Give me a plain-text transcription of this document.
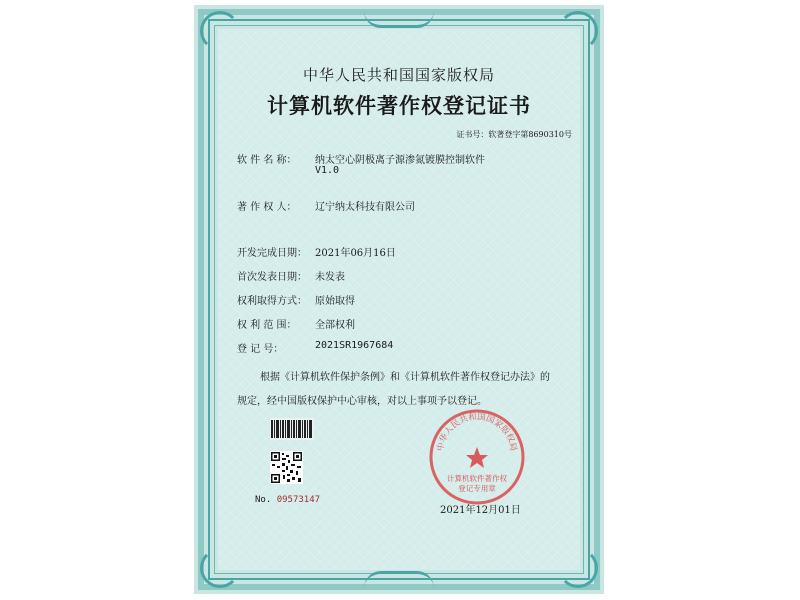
中华人民共和国国家版权局
计算机软件著作权登记证书
证书号：软著登字第8690310号
软 件 名 称： 纳太空心阴极离子源渗氮镀膜控制软件
V1.0
著 作 权 人： 辽宁纳太科技有限公司
开发完成日期： 2021年06月16日
首次发表日期： 未发表
权利取得方式： 原始取得
权 利 范 围： 全部权利
登 记 号：	2021SR1967684
根据《计算机软件保护条例》和《计算机软件著作权登记办法》的
规定，经中国版权保护中心审核，对以上事项予以登记。
No. 09573147
中华人民共和国国家版权局
计算机软件著作权
登记专用章
2021年12月01日
